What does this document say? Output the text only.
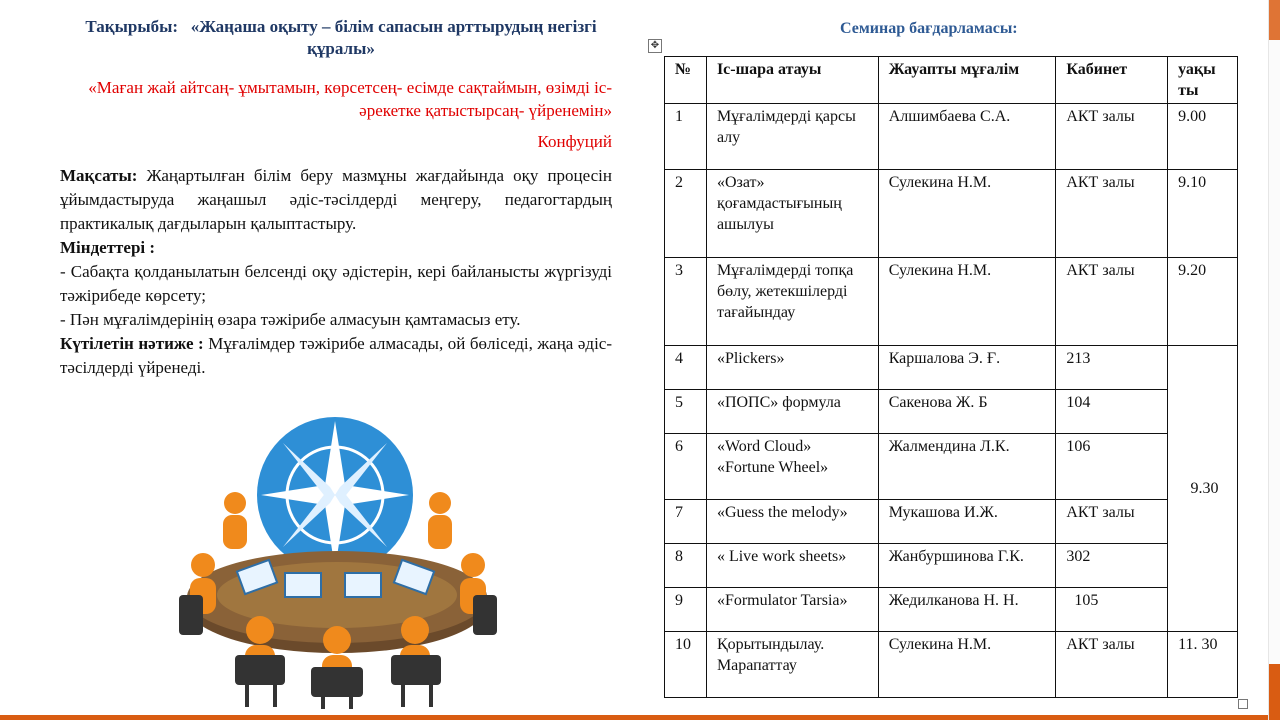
Тақырыбы: «Жаңаша оқыту – білім сапасын арттырудың негізгі құралы»
«Маған жай айтсаң- ұмытамын, көрсетсең- есімде сақтаймын, өзімді іс-әрекетке қатыстырсаң- үйренемін»
Конфуций

Мақсаты: Жаңартылған білім беру мазмұны жағдайында оқу процесін ұйымдастыруда жаңашыл әдіс-тәсілдерді меңгеру, педагогтардың практикалық дағдыларын қалыптастыру.

Міндеттері :

- Сабақта қолданылатын белсенді оқу әдістерін, кері байланысты жүргізуді тәжірибеде көрсету;

- Пән мұғалімдерінің өзара тәжірибе алмасуын қамтамасыз ету.

Күтілетін нәтиже : Мұғалімдер тәжірибе алмасады, ой бөліседі, жаңа әдіс-тәсілдерді үйренеді.

Семинар бағдарламасы:
✥
№	Іс-шара атауы	Жауапты мұғалім	Кабинет	уақы ты
1	Мұғалімдерді қарсы алу	Алшимбаева С.А.	АКТ залы	9.00
2	«Озат» қоғамдастығының ашылуы	Сулекина Н.М.	АКТ залы	9.10
3	Мұғалімдерді топқа бөлу, жетекшілерді тағайындау	Сулекина Н.М.	АКТ залы	9.20
4	«Plickers»	Каршалова Э. Ғ.	213	9.30
5	«ПОПС» формула	Сакенова Ж. Б	104	
6	«Word Cloud»
«Fortune Wheel»	Жалмендина Л.К.	106	
7	«Guess the melody»	Мукашова И.Ж.	АКТ залы	
8	« Live work sheets»	Жанбуршинова Г.К.	302	
9	«Formulator Tarsia»	Жедилканова Н. Н.	105	
10	Қорытындылау. Марапаттау	Сулекина Н.М.	АКТ залы	11. 30
